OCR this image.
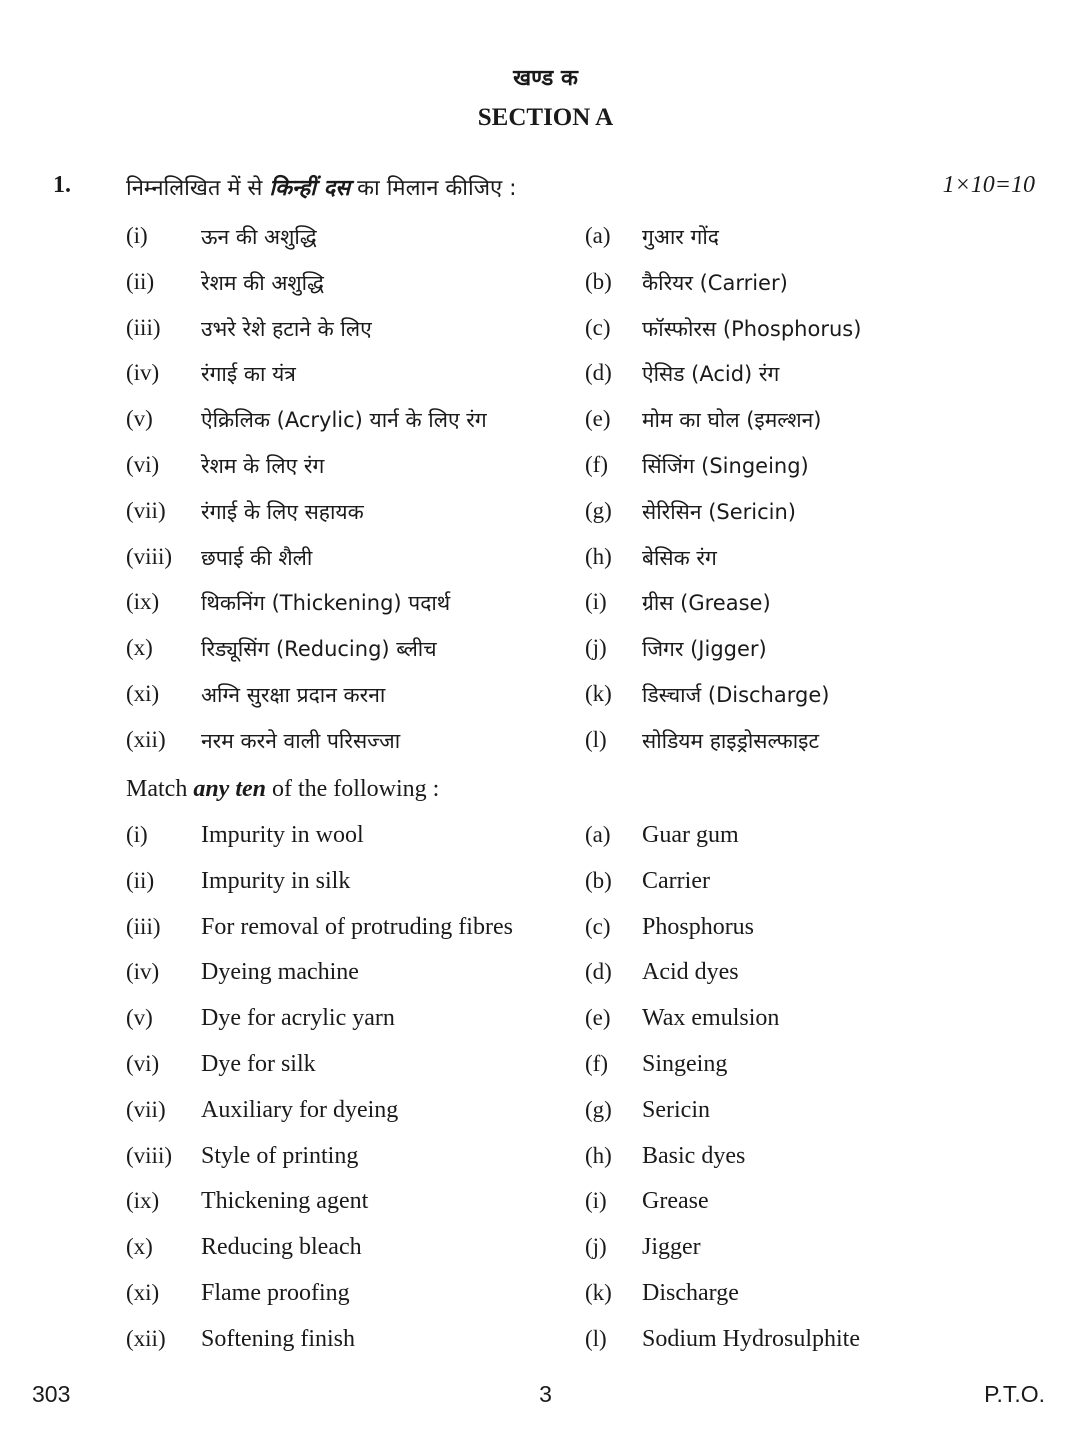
खण्ड क
SECTION A
1.	निम्नलिखित में से किन्हीं दस का मिलान कीजिए :	1×10=10
(i)	ऊन की अशुद्धि	(a) गुआर गोंद
(ii) रेशम की अशुद्धि	(b) कैरियर (Carrier)
(iii) उभरे रेशे हटाने के लिए	(c) फॉस्फोरस (Phosphorus)
(iv) रंगाई का यंत्र	(d) ऐसिड (Acid) रंग
(v) ऐक्रिलिक (Acrylic) यार्न के लिए रंग	(e) मोम का घोल (इमल्शन)
(vi) रेशम के लिए रंग	(f) सिंजिंग (Singeing)
(vii) रंगाई के लिए सहायक	(g) सेरिसिन (Sericin)
(viii) छपाई की शैली	(h) बेसिक रंग
(ix) थिकनिंग (Thickening) पदार्थ	(i) ग्रीस (Grease)
(x) रिड्यूसिंग (Reducing) ब्लीच	(j) जिगर (Jigger)
(xi) अग्नि सुरक्षा प्रदान करना	(k) डिस्चार्ज (Discharge)
(xii) नरम करने वाली परिसज्जा	(l) सोडियम हाइड्रोसल्फाइट
Match any ten of the following :
(i) Impurity in wool	(a) Guar gum
(ii) Impurity in silk	(b) Carrier
(iii) For removal of protruding fibres	(c) Phosphorus
(iv) Dyeing machine	(d) Acid dyes
(v) Dye for acrylic yarn	(e) Wax emulsion
(vi) Dye for silk	(f) Singeing
(vii) Auxiliary for dyeing	(g) Sericin
(viii) Style of printing	(h) Basic dyes
(ix) Thickening agent	(i) Grease
(x) Reducing bleach	(j) Jigger
(xi) Flame proofing	(k) Discharge
(xii) Softening finish	(l) Sodium Hydrosulphite
303	3	P.T.O.
